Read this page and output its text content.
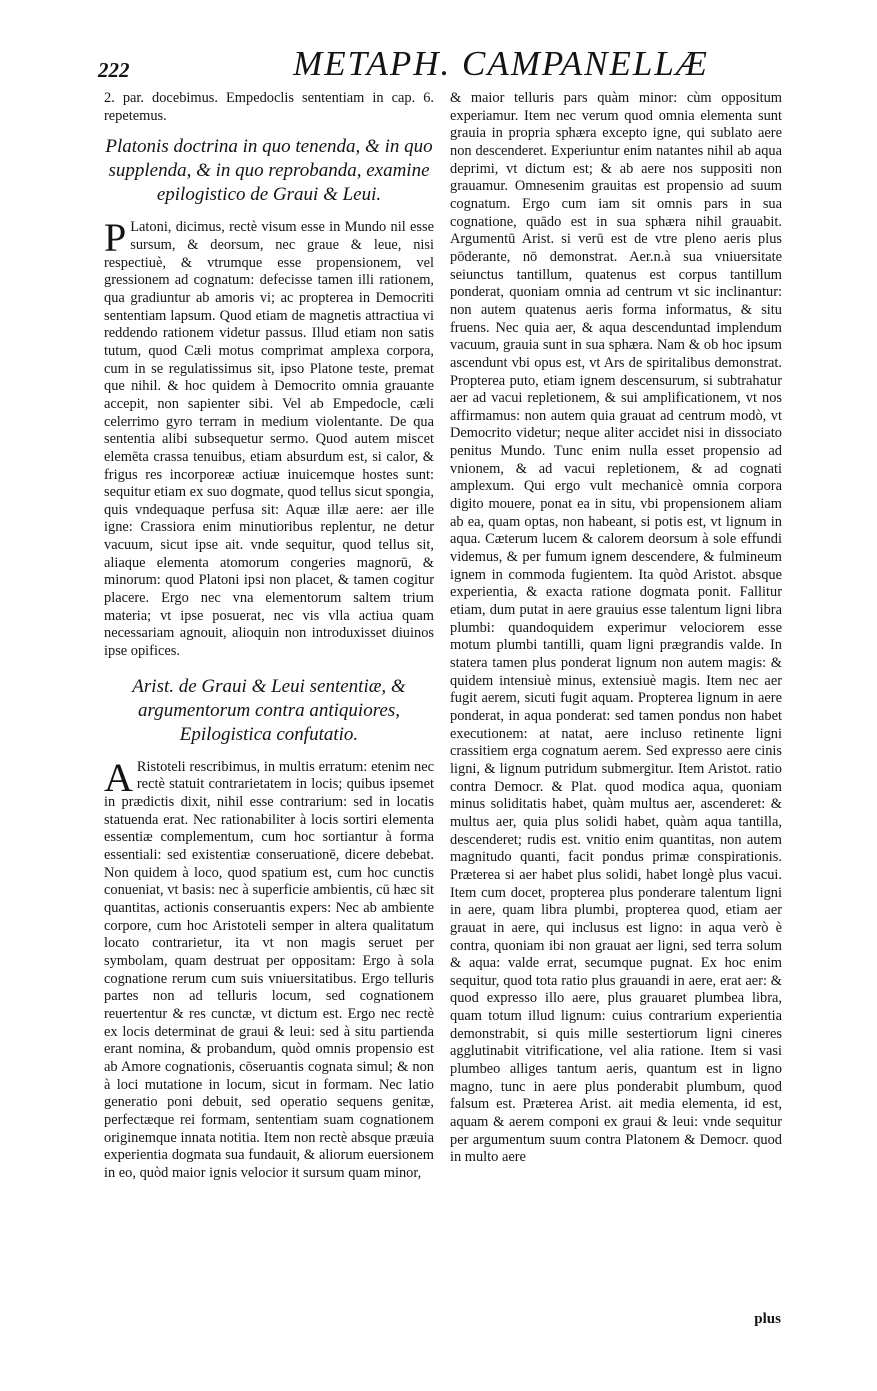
222	METAPH. CAMPANELLÆ

2. par. docebimus. Empedoclis sententiam in cap. 6. repetemus.

Platonis doctrina in quo tenenda, & in quo supplenda, & in quo reprobanda, examine epilogistico de Graui & Leui.

P Latoni, dicimus, rectè visum esse in Mundo nil esse sursum, & deorsum, nec graue & leue, nisi respectiuè, & vtrumque esse propensionem, vel gressionem ad cognatum: defecisse tamen illi rationem, qua gradiuntur ab amoris vi; ac propterea in Democriti sententiam lapsum. Quod etiam de magnetis attractiua vi reddendo rationem videtur passus. Illud etiam non satis tutum, quod Cæli motus comprimat amplexa corpora, cum in se regulatissimus sit, ipso Platone teste, premat que nihil. & hoc quidem à Democrito omnia grauante accepit, non sapienter sibi. Vel ab Empedocle, cæli celerrimo gyro terram in medium violentante. De qua sententia alibi subsequetur sermo. Quod autem miscet elemēta crassa tenuibus, etiam absurdum est, si calor, & frigus res incorporeæ actiuæ inuicemque hostes sunt: sequitur etiam ex suo dogmate, quod tellus sicut spongia, quis vndequaque perfusa sit: Aquæ illæ aere: aer ille igne: Crassiora enim minutioribus replentur, ne detur vacuum, sicut ipse ait. vnde sequitur, quod tellus sit, aliaque elementa atomorum congeries magnorū, & minorum: quod Platoni ipsi non placet, & tamen cogitur placere. Ergo nec vna elementorum saltem trium materia; vt ipse posuerat, nec vis vlla actiua quam necessariam agnouit, alioquin non introduxisset diuinos ipse opifices.

Arist. de Graui & Leui sententiæ, & argumentorum contra antiquiores, Epilogistica confutatio.

A Ristoteli rescribimus, in multis erratum: etenim nec rectè statuit contrarietatem in locis; quibus ipsemet in prædictis dixit, nihil esse contrarium: sed in locatis statuenda erat. Nec rationabiliter à locis sortiri elementa essentiæ complementum, cum hoc sortiantur à forma essentiali: sed existentiæ conseruationē, dicere debebat. Non quidem à loco, quod spatium est, cum hoc cunctis conueniat, vt basis: nec à superficie ambientis, cū hæc sit quantitas, actionis conseruantis expers: Nec ab ambiente corpore, cum hoc Aristoteli semper in altera qualitatum locato contrarietur, ita vt non magis seruet per symbolam, quam destruat per oppositam: Ergo à sola cognatione rerum cum suis vniuersitatibus. Ergo telluris partes non ad telluris locum, sed cognationem reuertentur & res cunctæ, vt dictum est. Ergo nec rectè ex locis determinat de graui & leui: sed à situ partienda erant nomina, & probandum, quòd omnis propensio est ab Amore cognationis, cōseruantis cognata simul; & non à loci mutatione in locum, sicut in formam. Nec latio generatio poni debuit, sed operatio sequens genitæ, perfectæque rei formam, sententiam suam cognationem originemque innata notitia. Item non rectè absque præuia experientia dogmata sua fundauit, & aliorum euersionem in eo, quòd maior ignis velocior it sursum quam minor,

& maior telluris pars quàm minor: cùm oppositum experiamur. Item nec verum quod omnia elementa sunt grauia in propria sphæra excepto igne, qui sublato aere non descenderet. Experiuntur enim natantes nihil ab aqua deprimi, vt dictum est; & ab aere nos suppositi non grauamur. Omnesenim grauitas est propensio ad suum cognatum. Ergo cum iam sit omnis pars in sua cognatione, quādo est in sua sphæra nihil grauabit. Argumentū Arist. si verū est de vtre pleno aeris plus pōderante, nō demonstrat. Aer.n.à sua vniuersitate seiunctus tantillum, quatenus est corpus tantillum ponderat, quoniam omnia ad centrum vt sic inclinantur: non autem quatenus aeris forma informatus, & situ fruens. Nec quia aer, & aqua descenduntad implendum vacuum, grauia sunt in sua sphæra. Nam & ob hoc ipsum ascendunt vbi opus est, vt Ars de spiritalibus demonstrat. Propterea puto, etiam ignem descensurum, si subtrahatur aer ad vacui repletionem, & sui amplificationem, vt nos affirmamus: non autem quia grauat ad centrum modò, vt Democrito videtur; neque aliter accidet nisi in dissociato penitus Mundo. Tunc enim nulla esset propensio ad vnionem, & ad vacui repletionem, & ad cognati amplexum. Qui ergo vult mechanicè omnia corpora digito mouere, ponat ea in situ, vbi propensionem aliam ab ea, quam optas, non habeant, si potis est, vt lignum in aqua. Cæterum lucem & calorem deorsum à sole effundi videmus, & per fumum ignem descendere, & fulmineum ignem in commoda fugientem. Ita quòd Aristot. absque experientia, & exacta ratione dogmata ponit. Fallitur etiam, dum putat in aere grauius esse talentum ligni libra plumbi: quandoquidem experimur velociorem esse motum plumbi tantilli, quam ligni prægrandis valde. In statera tamen plus ponderat lignum non autem magis: & quidem intensiuè minus, extensiuè magis. Item nec aer fugit aerem, sicuti fugit aquam. Propterea lignum in aere ponderat, in aqua ponderat: sed tamen pondus non habet executionem: at natat, aere incluso retinente ligni crassitiem erga cognatum aerem. Sed expresso aere cinis ligni, & lignum putridum submergitur. Item Aristot. ratio contra Democr. & Plat. quod modica aqua, quoniam minus soliditatis habet, quàm multus aer, ascenderet: & multus aer, quia plus solidi habet, quàm aqua tantilla, descenderet; rudis est. vnitio enim quantitas, non autem magnitudo quanti, facit pondus primæ conspirationis. Præterea si aer habet plus solidi, habet longè plus vacui. Item cum docet, propterea plus ponderare talentum ligni in aere, quam libra plumbi, propterea quod, etiam aer grauat in aere, qui inclusus est ligno: in aqua verò è contra, quoniam ibi non grauat aer ligni, sed terra solum & aqua: valde errat, secumque pugnat. Ex hoc enim sequitur, quod tota ratio plus grauandi in aere, erat aer: & quod expresso illo aere, plus grauaret plumbea libra, quam totum illud lignum: cuius contrarium experientia demonstrabit, si quis mille sestertiorum ligni cineres agglutinabit vitrificatione, vel alia ratione. Item si vasi plumbeo alliges tantum aeris, quantum est in ligno magno, tunc in aere plus ponderabit plumbum, quod falsum est. Præterea Arist. ait media elementa, id est, aquam & aerem componi ex graui & leui: vnde sequitur per argumentum suum contra Platonem & Democr. quod in multo aere

plus
